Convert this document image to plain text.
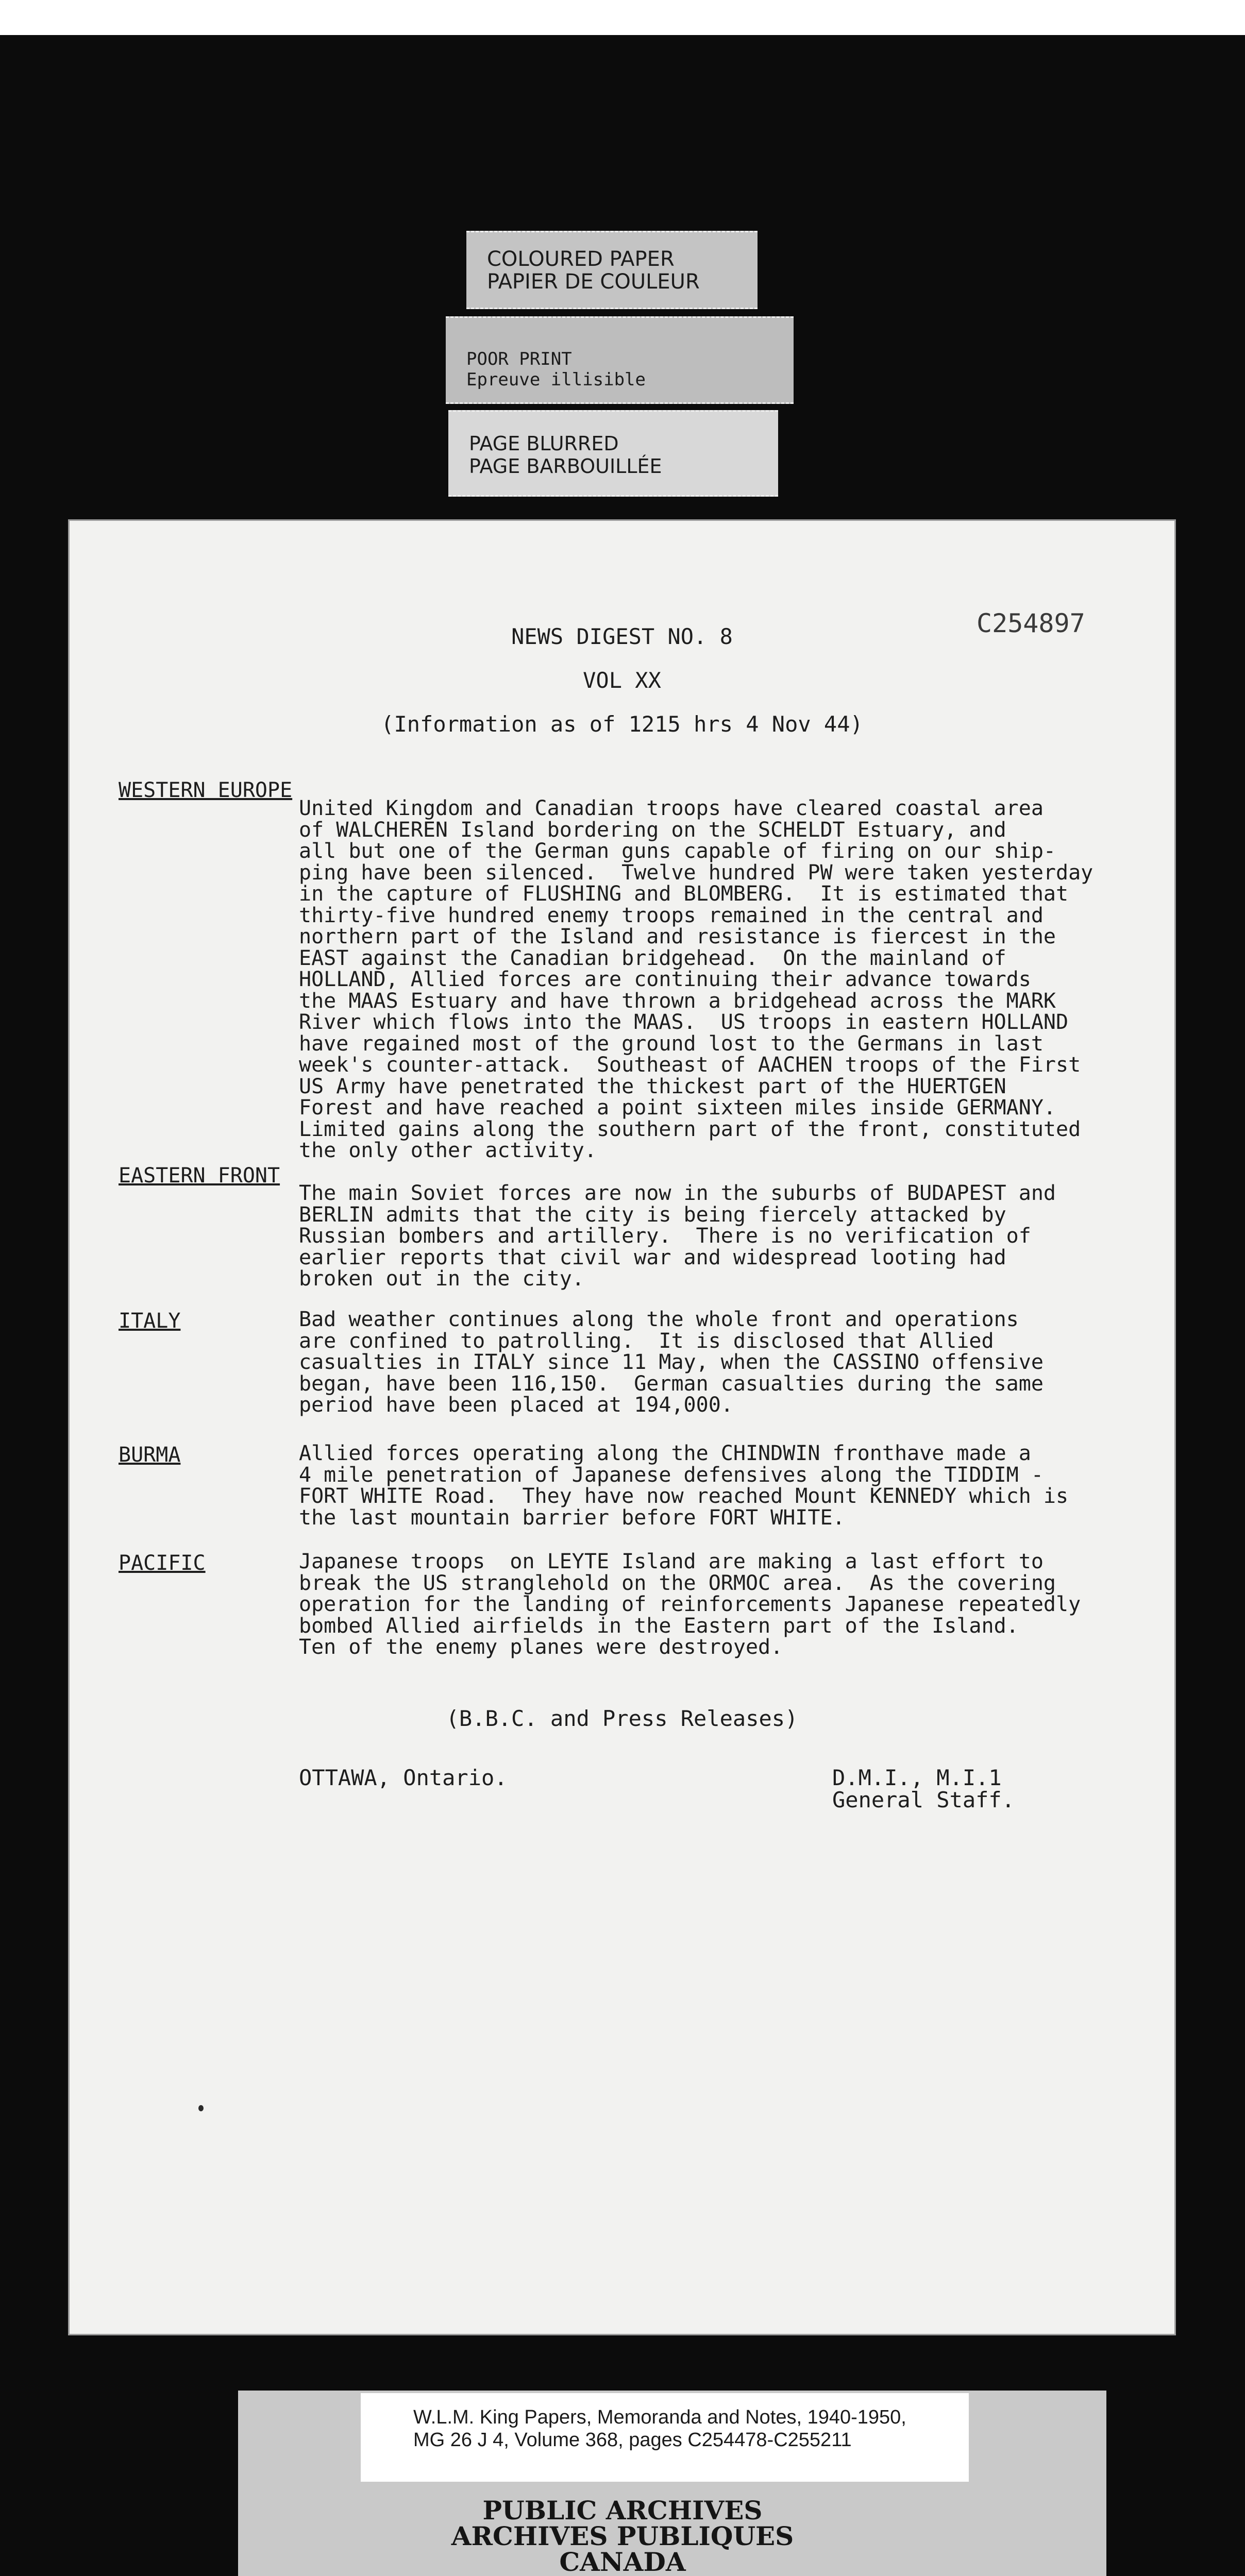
COLOURED PAPER
PAPIER DE COULEUR
POOR PRINT
Epreuve illisible
PAGE BLURRED
PAGE BARBOUILLÉE
C254897
NEWS DIGEST NO. 8
VOL XX
(Information as of 1215 hrs 4 Nov 44)
WESTERN EUROPE
United Kingdom and Canadian troops have cleared coastal area
of WALCHEREN Island bordering on the SCHELDT Estuary, and
all but one of the German guns capable of firing on our ship-
ping have been silenced.  Twelve hundred PW were taken yesterday
in the capture of FLUSHING and BLOMBERG.  It is estimated that
thirty-five hundred enemy troops remained in the central and
northern part of the Island and resistance is fiercest in the
EAST against the Canadian bridgehead.  On the mainland of
HOLLAND, Allied forces are continuing their advance towards
the MAAS Estuary and have thrown a bridgehead across the MARK
River which flows into the MAAS.  US troops in eastern HOLLAND
have regained most of the ground lost to the Germans in last
week's counter-attack.  Southeast of AACHEN troops of the First
US Army have penetrated the thickest part of the HUERTGEN
Forest and have reached a point sixteen miles inside GERMANY.
Limited gains along the southern part of the front, constituted
the only other activity.
EASTERN FRONT
The main Soviet forces are now in the suburbs of BUDAPEST and
BERLIN admits that the city is being fiercely attacked by
Russian bombers and artillery.  There is no verification of
earlier reports that civil war and widespread looting had
broken out in the city.
ITALY	Bad weather continues along the whole front and operations
are confined to patrolling.  It is disclosed that Allied
casualties in ITALY since 11 May, when the CASSINO offensive
began, have been 116,150.  German casualties during the same
period have been placed at 194,000.
BURMA	Allied forces operating along the CHINDWIN fronthave made a
4 mile penetration of Japanese defensives along the TIDDIM -
FORT WHITE Road.  They have now reached Mount KENNEDY which is
the last mountain barrier before FORT WHITE.
PACIFIC	Japanese troops  on LEYTE Island are making a last effort to
break the US stranglehold on the ORMOC area.  As the covering
operation for the landing of reinforcements Japanese repeatedly
bombed Allied airfields in the Eastern part of the Island.
Ten of the enemy planes were destroyed.
(B.B.C. and Press Releases)
OTTAWA, Ontario.	D.M.I., M.I.1
General Staff.
W.L.M. King Papers, Memoranda and Notes, 1940-1950,
MG 26 J 4, Volume 368, pages C254478-C255211
PUBLIC ARCHIVES
ARCHIVES PUBLIQUES
CANADA
